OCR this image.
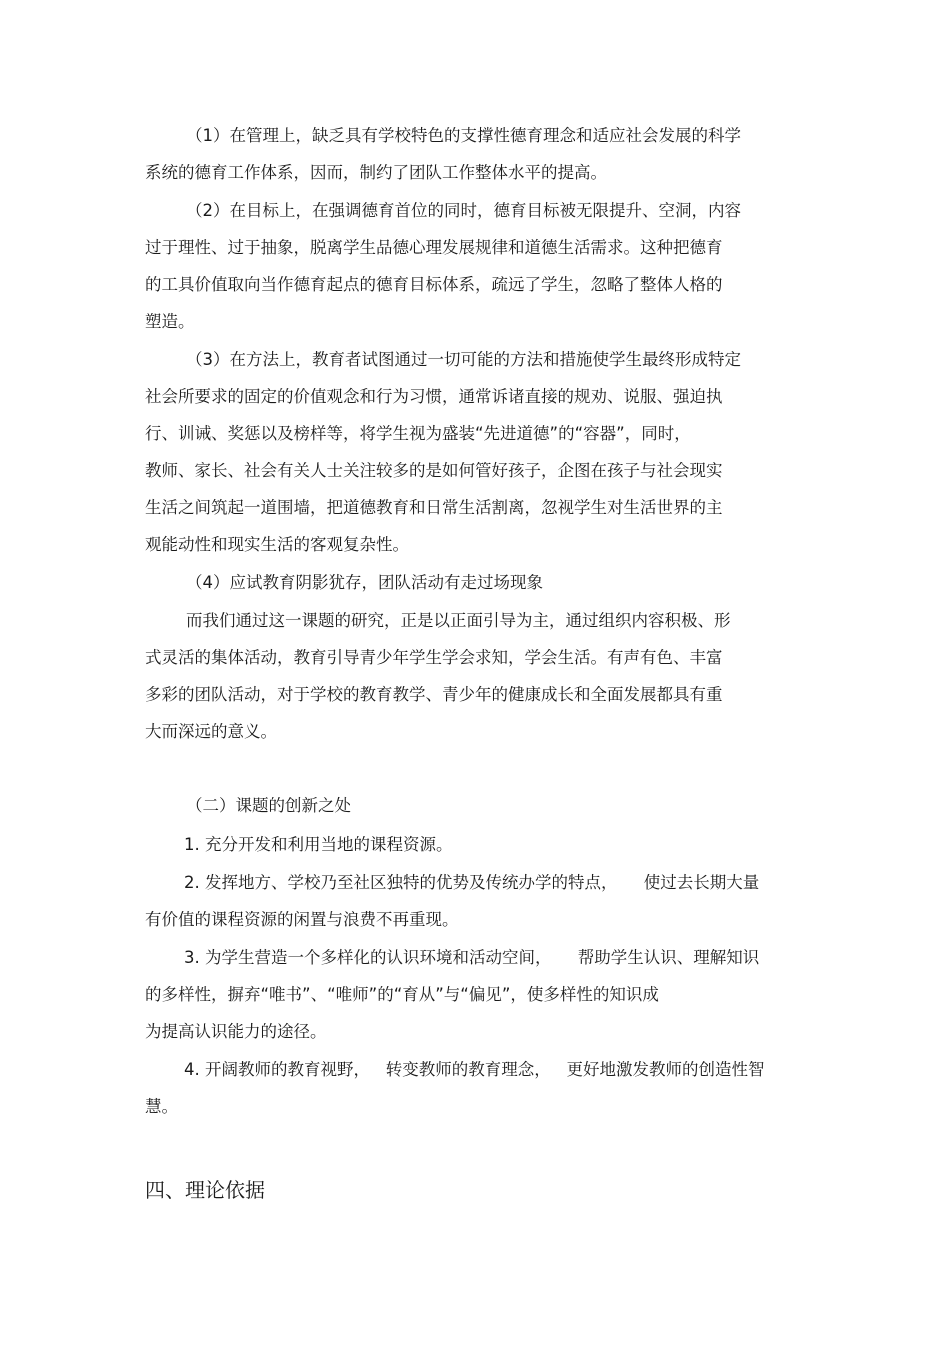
（1）在管理上，缺乏具有学校特色的支撑性德育理念和适应社会发展的科学
系统的德育工作体系，因而，制约了团队工作整体水平的提高。
（2）在目标上，在强调德育首位的同时，德育目标被无限提升、空洞，内容
过于理性、过于抽象，脱离学生品德心理发展规律和道德生活需求。这种把德育
的工具价值取向当作德育起点的德育目标体系，疏远了学生，忽略了整体人格的
塑造。
（3）在方法上，教育者试图通过一切可能的方法和措施使学生最终形成特定
社会所要求的固定的价值观念和行为习惯，通常诉诸直接的规劝、说服、强迫执
行、训诫、奖惩以及榜样等，将学生视为盛装“先进道德”的“容器”，同时，
教师、家长、社会有关人士关注较多的是如何管好孩子，企图在孩子与社会现实
生活之间筑起一道围墙，把道德教育和日常生活割离，忽视学生对生活世界的主
观能动性和现实生活的客观复杂性。
（4）应试教育阴影犹存，团队活动有走过场现象
而我们通过这一课题的研究，正是以正面引导为主，通过组织内容积极、形
式灵活的集体活动，教育引导青少年学生学会求知，学会生活。有声有色、丰富
多彩的团队活动，对于学校的教育教学、青少年的健康成长和全面发展都具有重
大而深远的意义。
（二）课题的创新之处
1. 充分开发和利用当地的课程资源。
2. 发挥地方、学校乃至社区独特的优势及传统办学的特点，     使过去长期大量
有价值的课程资源的闲置与浪费不再重现。
3. 为学生营造一个多样化的认识环境和活动空间，     帮助学生认识、理解知识
的多样性，摒弃“唯书”、“唯师”的“育从”与“偏见”，使多样性的知识成
为提高认识能力的途径。
4. 开阔教师的教育视野，   转变教师的教育理念，   更好地激发教师的创造性智
慧。
四、理论依据
